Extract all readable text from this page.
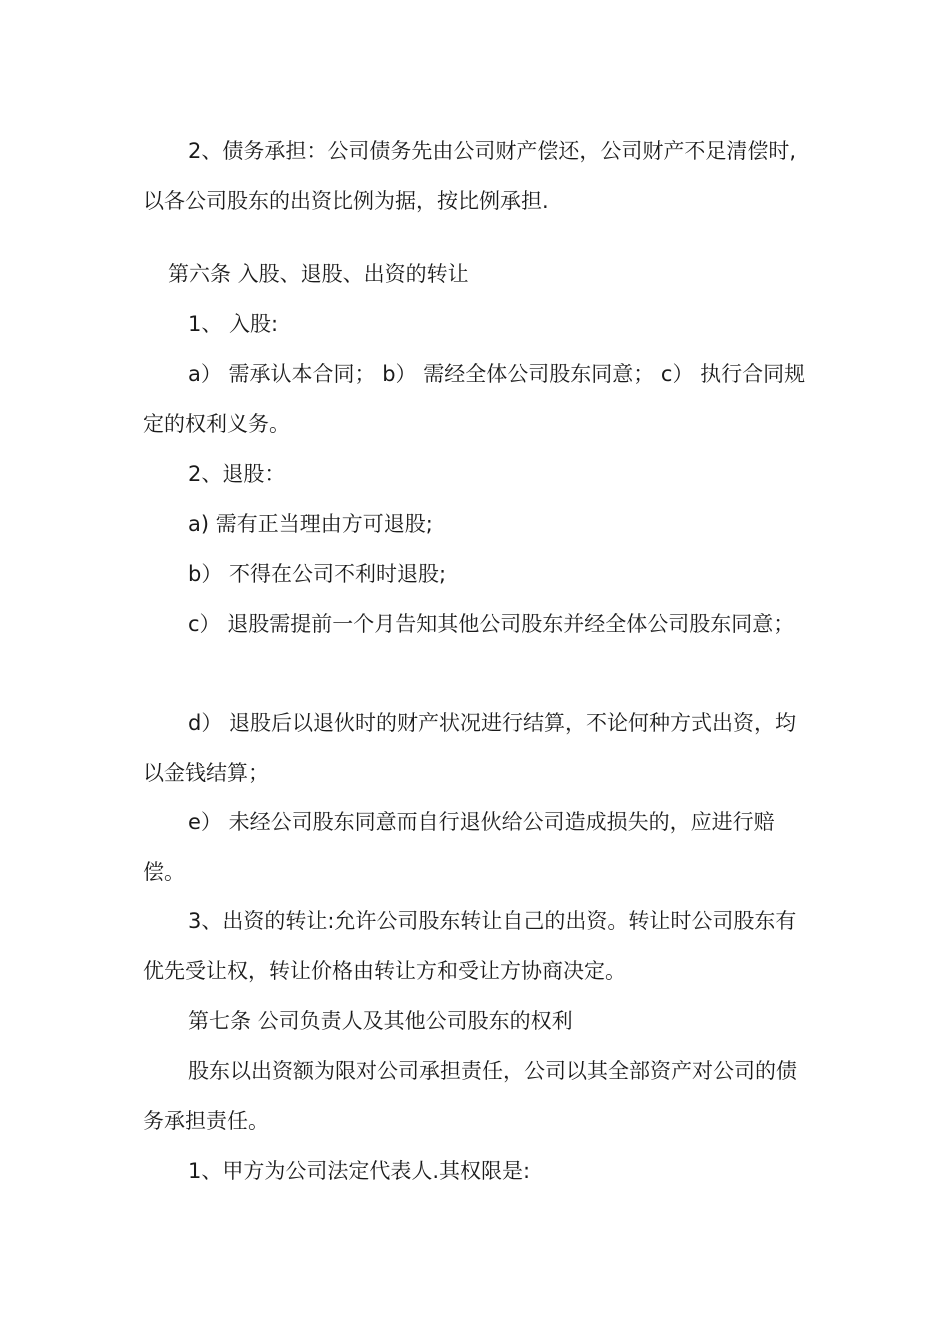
2、债务承担：公司债务先由公司财产偿还，公司财产不足清偿时,以各公司股东的出资比例为据，按比例承担.

第六条 入股、退股、出资的转让

1、 入股:

a） 需承认本合同； b） 需经全体公司股东同意； c） 执行合同规定的权利义务。

2、退股：

a) 需有正当理由方可退股;

b） 不得在公司不利时退股;

c） 退股需提前一个月告知其他公司股东并经全体公司股东同意；

d） 退股后以退伙时的财产状况进行结算，不论何种方式出资，均以金钱结算；

e） 未经公司股东同意而自行退伙给公司造成损失的，应进行赔偿。

3、出资的转让:允许公司股东转让自己的出资。转让时公司股东有优先受让权，转让价格由转让方和受让方协商决定。

第七条 公司负责人及其他公司股东的权利

股东以出资额为限对公司承担责任，公司以其全部资产对公司的债务承担责任。

1、甲方为公司法定代表人.其权限是:
